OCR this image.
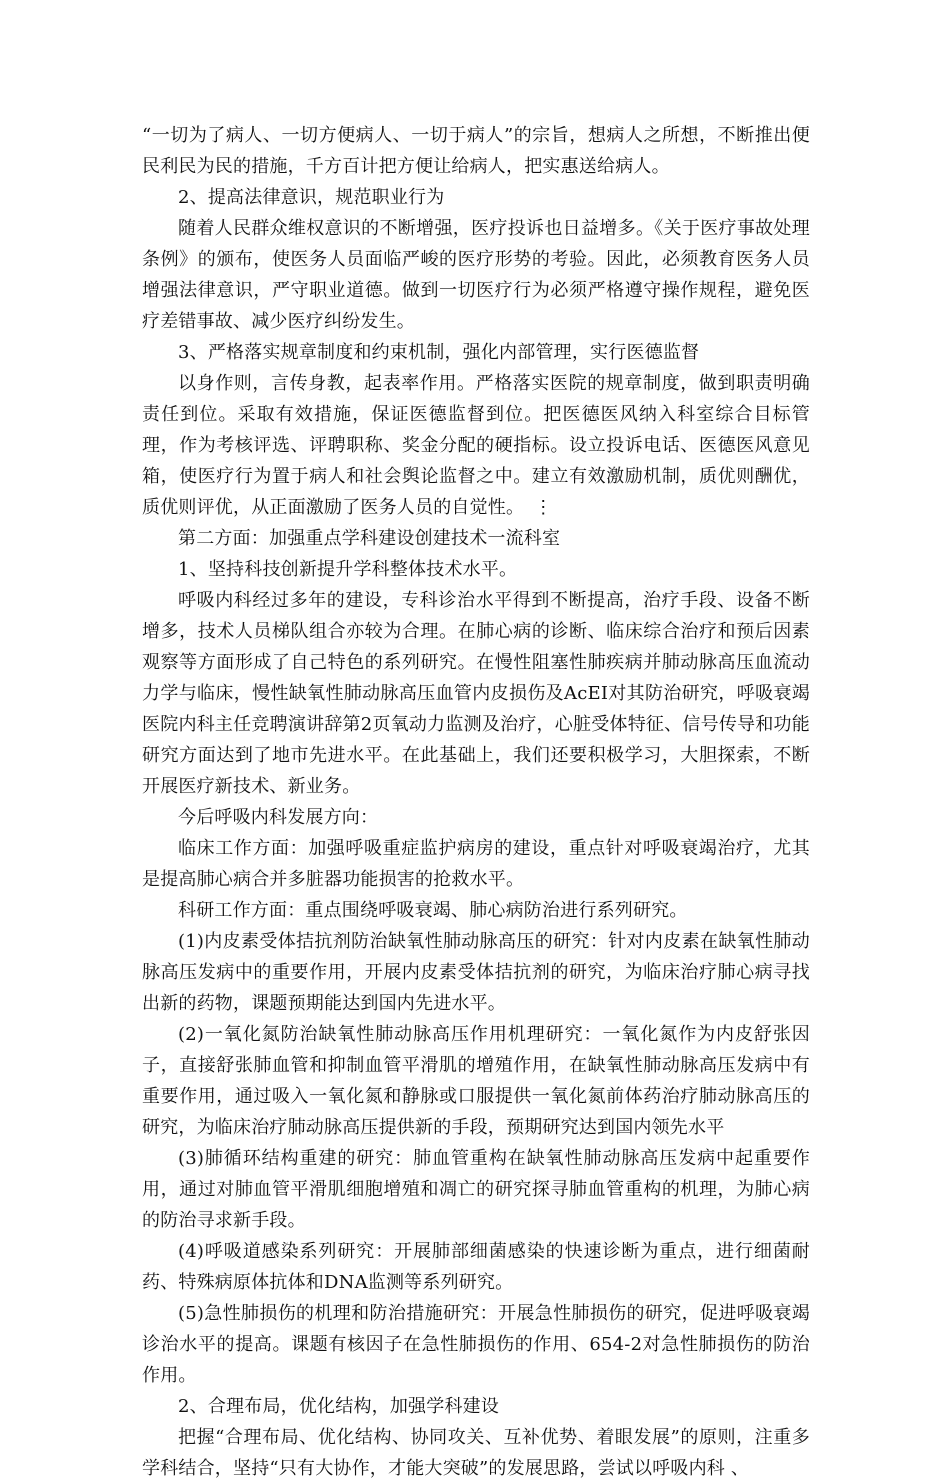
“一切为了病人、一切方便病人、一切于病人”的宗旨，想病人之所想，不断推出便民利民为民的措施，千方百计把方便让给病人，把实惠送给病人。

2、提高法律意识，规范职业行为

随着人民群众维权意识的不断增强，医疗投诉也日益增多。《关于医疗事故处理条例》的颁布，使医务人员面临严峻的医疗形势的考验。因此，必须教育医务人员增强法律意识，严守职业道德。做到一切医疗行为必须严格遵守操作规程，避免医疗差错事故、减少医疗纠纷发生。

3、严格落实规章制度和约束机制，强化内部管理，实行医德监督

以身作则，言传身教，起表率作用。严格落实医院的规章制度，做到职责明确责任到位。采取有效措施，保证医德监督到位。把医德医风纳入科室综合目标管理，作为考核评选、评聘职称、奖金分配的硬指标。设立投诉电话、医德医风意见箱，使医疗行为置于病人和社会舆论监督之中。建立有效激励机制，质优则酬优，质优则评优，从正面激励了医务人员的自觉性。 ⋮

第二方面：加强重点学科建设创建技术一流科室

1、坚持科技创新提升学科整体技术水平。

呼吸内科经过多年的建设，专科诊治水平得到不断提高，治疗手段、设备不断增多，技术人员梯队组合亦较为合理。在肺心病的诊断、临床综合治疗和预后因素观察等方面形成了自己特色的系列研究。在慢性阻塞性肺疾病并肺动脉高压血流动力学与临床，慢性缺氧性肺动脉高压血管内皮损伤及AcEI对其防治研究，呼吸衰竭医院内科主任竞聘演讲辞第2页氧动力监测及治疗，心脏受体特征、信号传导和功能研究方面达到了地市先进水平。在此基础上，我们还要积极学习，大胆探索，不断开展医疗新技术、新业务。

今后呼吸内科发展方向：

临床工作方面：加强呼吸重症监护病房的建设，重点针对呼吸衰竭治疗，尤其是提高肺心病合并多脏器功能损害的抢救水平。

科研工作方面：重点围绕呼吸衰竭、肺心病防治进行系列研究。

(1)内皮素受体拮抗剂防治缺氧性肺动脉高压的研究：针对内皮素在缺氧性肺动脉高压发病中的重要作用，开展内皮素受体拮抗剂的研究，为临床治疗肺心病寻找出新的药物，课题预期能达到国内先进水平。

(2)一氧化氮防治缺氧性肺动脉高压作用机理研究：一氧化氮作为内皮舒张因子，直接舒张肺血管和抑制血管平滑肌的增殖作用，在缺氧性肺动脉高压发病中有重要作用，通过吸入一氧化氮和静脉或口服提供一氧化氮前体药治疗肺动脉高压的研究，为临床治疗肺动脉高压提供新的手段，预期研究达到国内领先水平

(3)肺循环结构重建的研究：肺血管重构在缺氧性肺动脉高压发病中起重要作用，通过对肺血管平滑肌细胞增殖和凋亡的研究探寻肺血管重构的机理，为肺心病的防治寻求新手段。

(4)呼吸道感染系列研究：开展肺部细菌感染的快速诊断为重点，进行细菌耐药、特殊病原体抗体和DNA监测等系列研究。

(5)急性肺损伤的机理和防治措施研究：开展急性肺损伤的研究，促进呼吸衰竭诊治水平的提高。课题有核因子在急性肺损伤的作用、654-2对急性肺损伤的防治作用。

2、合理布局，优化结构，加强学科建设

把握“合理布局、优化结构、协同攻关、互补优势、着眼发展”的原则，注重多学科结合，坚持“只有大协作，才能大突破”的发展思路，尝试以呼吸内科 、
